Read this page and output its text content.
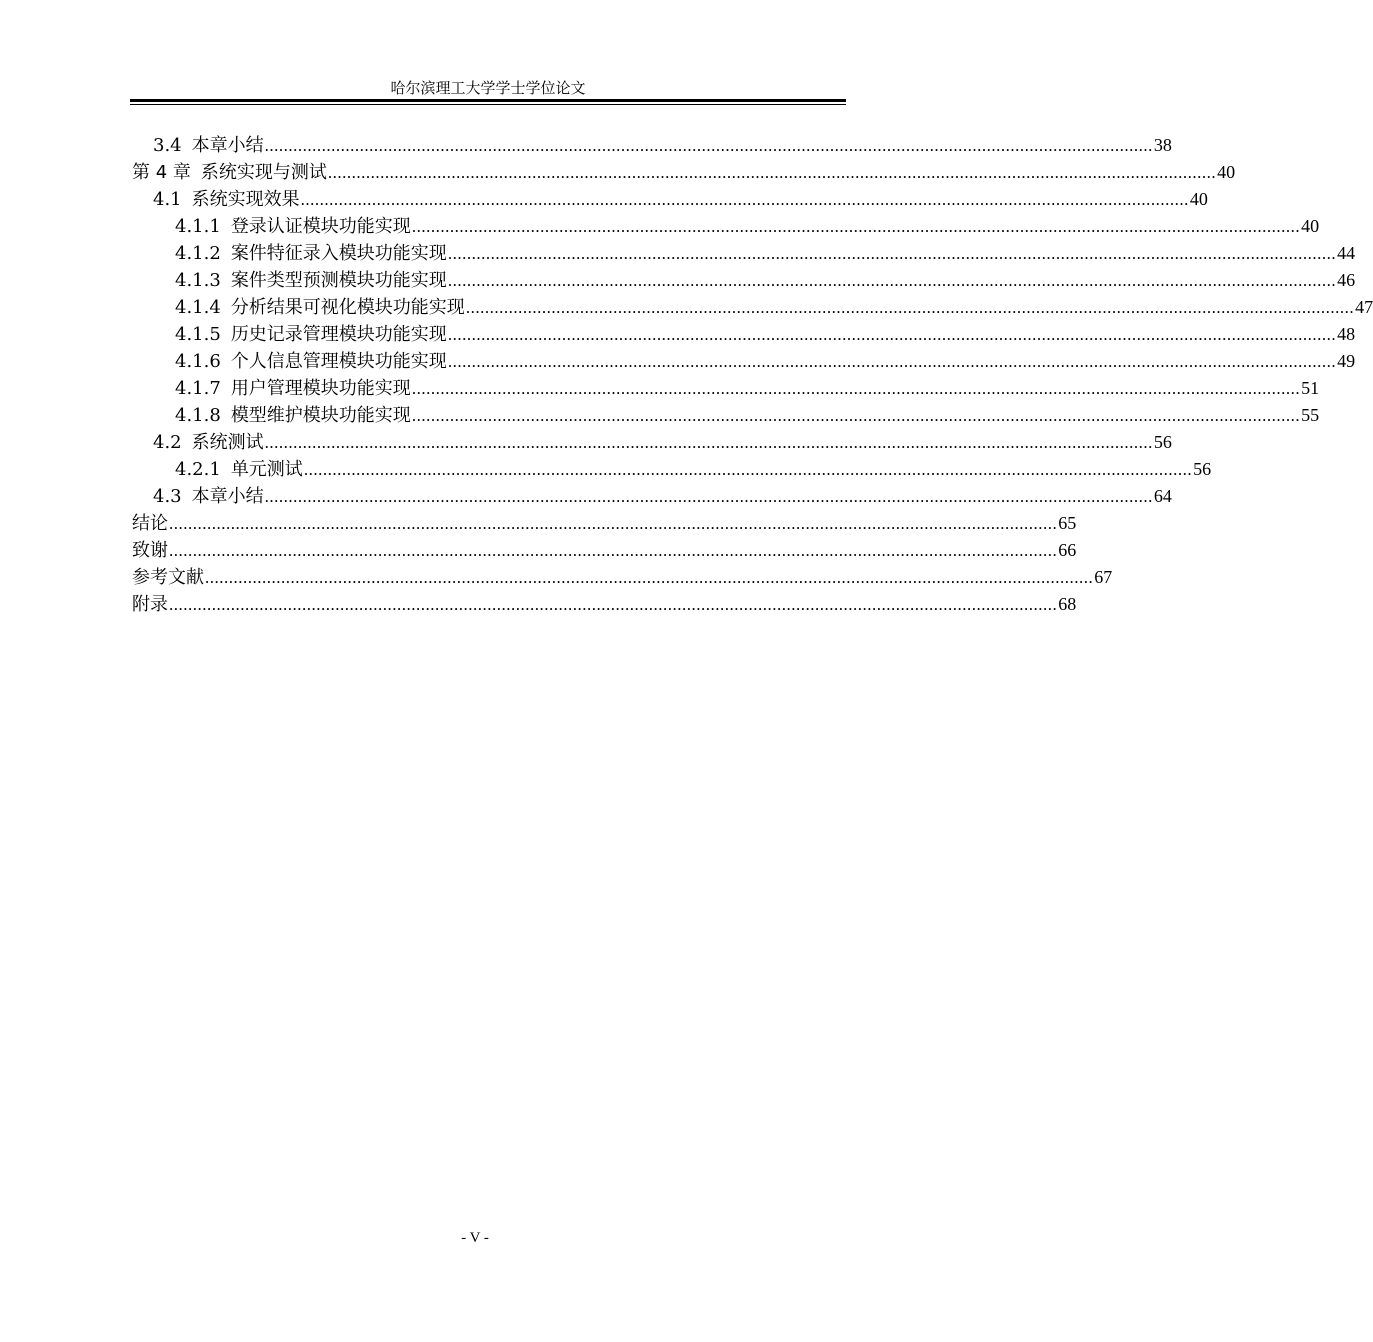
哈尔滨理工大学学士学位论文
3.4 本章小结 ........................................................................................................................................................................................... 38
第 4 章 系统实现与测试 ........................................................................................................................................................................................... 40
4.1 系统实现效果 ........................................................................................................................................................................................... 40
4.1.1 登录认证模块功能实现 ........................................................................................................................................................................................... 40
4.1.2 案件特征录入模块功能实现 ........................................................................................................................................................................................... 44
4.1.3 案件类型预测模块功能实现 ........................................................................................................................................................................................... 46
4.1.4 分析结果可视化模块功能实现 ........................................................................................................................................................................................... 47
4.1.5 历史记录管理模块功能实现 ........................................................................................................................................................................................... 48
4.1.6 个人信息管理模块功能实现 ........................................................................................................................................................................................... 49
4.1.7 用户管理模块功能实现 ........................................................................................................................................................................................... 51
4.1.8 模型维护模块功能实现 ........................................................................................................................................................................................... 55
4.2 系统测试 ........................................................................................................................................................................................... 56
4.2.1 单元测试 ........................................................................................................................................................................................... 56
4.3 本章小结 ........................................................................................................................................................................................... 64
结论 ........................................................................................................................................................................................... 65
致谢 ........................................................................................................................................................................................... 66
参考文献 ........................................................................................................................................................................................... 67
附录 ........................................................................................................................................................................................... 68
- V -
